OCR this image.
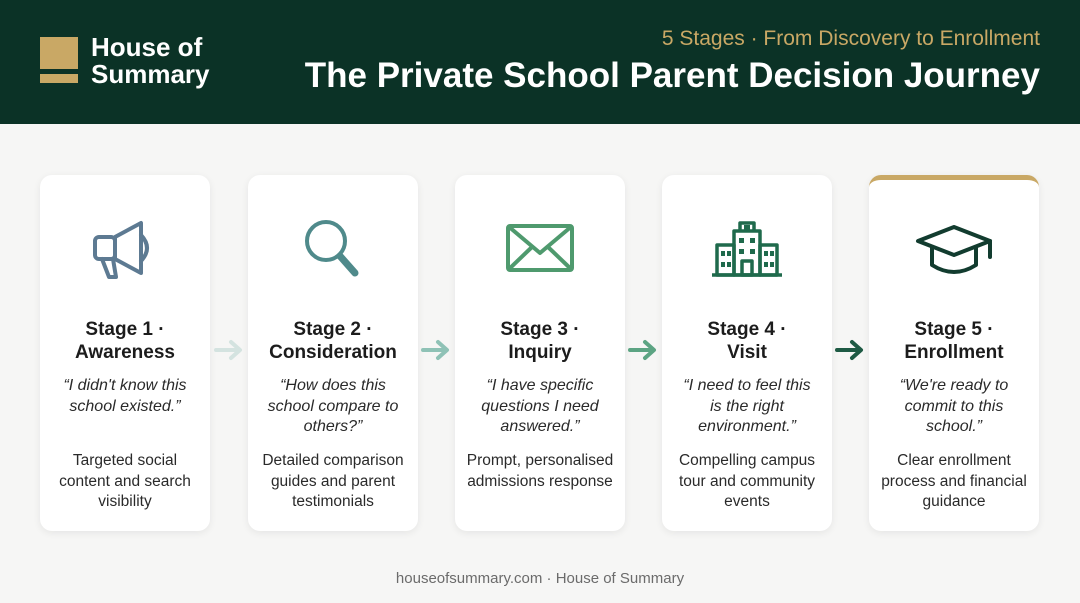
House of
Summary
5 Stages · From Discovery to Enrollment
The Private School Parent Decision Journey
Stage 1 ·
Awareness
“I didn't know this school existed.”
Targeted social content and search visibility
Stage 2 ·
Consideration
“How does this school compare to others?”
Detailed comparison guides and parent testimonials
Stage 3 ·
Inquiry
“I have specific questions I need answered.”
Prompt, personalised admissions response
Stage 4 ·
Visit
“I need to feel this is the right environment.”
Compelling campus tour and community events
Stage 5 ·
Enrollment
“We're ready to commit to this school.”
Clear enrollment process and financial guidance
houseofsummary.com · House of Summary
